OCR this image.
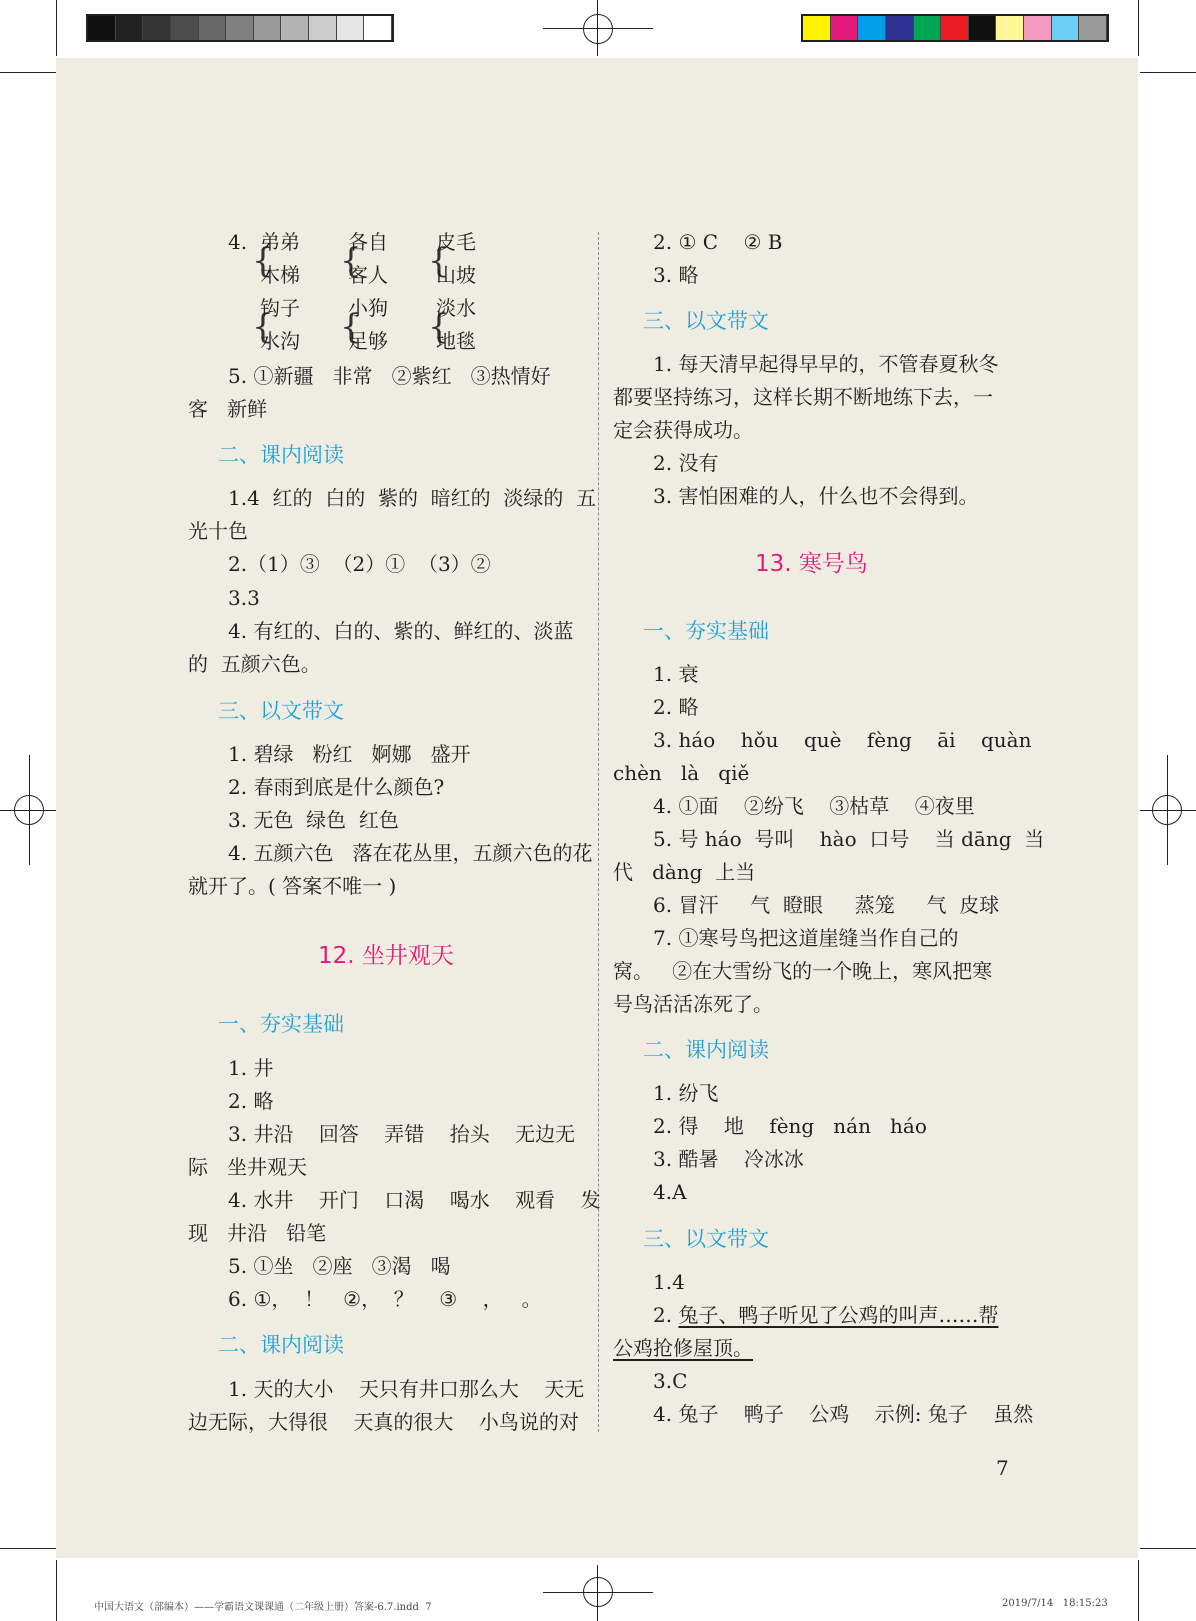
4. {
弟弟
木梯 {
各自
客人 {
皮毛
山坡
{
钩子
水沟 {
小狗
足够 {
淡水
地毯
5. ①新疆   非常   ②紫红   ③热情好
客   新鲜
二、课内阅读
1.4  红的  白的  紫的  暗红的  淡绿的  五
光十色
2.（1）③  （2）①  （3）②
3.3
4. 有红的、白的、紫的、鲜红的、淡蓝
的  五颜六色。
三、以文带文
1. 碧绿   粉红   婀娜   盛开
2. 春雨到底是什么颜色?
3. 无色  绿色  红色
4. 五颜六色   落在花丛里，五颜六色的花
就开了。( 答案不唯一 )
12. 坐井观天
一、夯实基础
1. 井
2. 略
3. 井沿    回答    弄错    抬头    无边无
际   坐井观天
4. 水井    开门    口渴    喝水    观看    发
现   井沿   铅笔
5. ①坐   ②座   ③渴   喝
6. ①，  ！   ②，  ？    ③    ，   。
二、课内阅读
1. 天的大小    天只有井口那么大    天无
边无际，大得很    天真的很大    小鸟说的对
2. ① C    ② B
3. 略
三、以文带文
1. 每天清早起得早早的，不管春夏秋冬
都要坚持练习，这样长期不断地练下去，一
定会获得成功。
2. 没有
3. 害怕困难的人，什么也不会得到。
13. 寒号鸟
一、夯实基础
1. 衰
2. 略
3. háo    hǒu    què    fèng    āi    quàn
chèn   là   qiě
4. ①面    ②纷飞    ③枯草    ④夜里
5. 号 háo  号叫    hào  口号    当 dāng  当
代   dàng  上当
6. 冒汗     气  瞪眼     蒸笼     气  皮球
7. ①寒号鸟把这道崖缝当作自己的
窝。   ②在大雪纷飞的一个晚上，寒风把寒
号鸟活活冻死了。
二、课内阅读
1. 纷飞
2. 得    地    fèng   nán   háo
3. 酷暑    冷冰冰
4.A
三、以文带文
1.4
2. 兔子、鸭子听见了公鸡的叫声……帮
公鸡抢修屋顶。
3.C
4. 兔子    鸭子    公鸡    示例: 兔子    虽然
7
中国大语文（部编本）——学霸语文课课通（二年级上册）答案-6.7.indd  7	2019/7/14   18:15:23
